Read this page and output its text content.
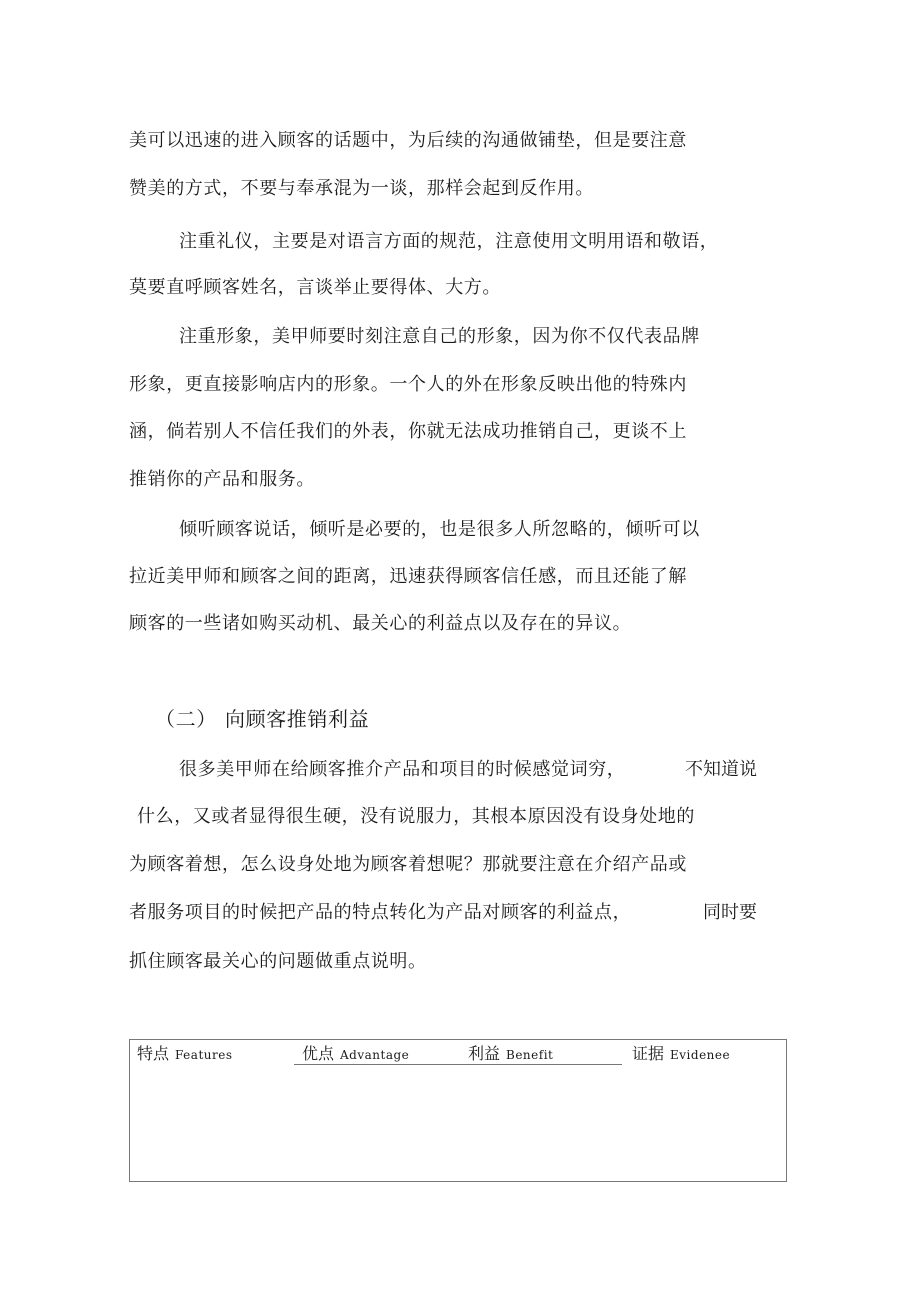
美可以迅速的进入顾客的话题中，为后续的沟通做铺垫，但是要注意
赞美的方式，不要与奉承混为一谈，那样会起到反作用。
注重礼仪，主要是对语言方面的规范，注意使用文明用语和敬语，
莫要直呼顾客姓名，言谈举止要得体、大方。
注重形象，美甲师要时刻注意自己的形象，因为你不仅代表品牌
形象，更直接影响店内的形象。一个人的外在形象反映出他的特殊内
涵，倘若别人不信任我们的外表，你就无法成功推销自己，更谈不上
推销你的产品和服务。
倾听顾客说话，倾听是必要的，也是很多人所忽略的，倾听可以
拉近美甲师和顾客之间的距离，迅速获得顾客信任感，而且还能了解
顾客的一些诸如购买动机、最关心的利益点以及存在的异议。
（二） 向顾客推销利益
很多美甲师在给顾客推介产品和项目的时候感觉词穷，	不知道说
什么，又或者显得很生硬，没有说服力，其根本原因没有设身处地的
为顾客着想，怎么设身处地为顾客着想呢？那就要注意在介绍产品或
者服务项目的时候把产品的特点转化为产品对顾客的利益点，	同时要
抓住顾客最关心的问题做重点说明。
特点 Features	优点 Advantage	利益 Benefit	证据 Evidenee
